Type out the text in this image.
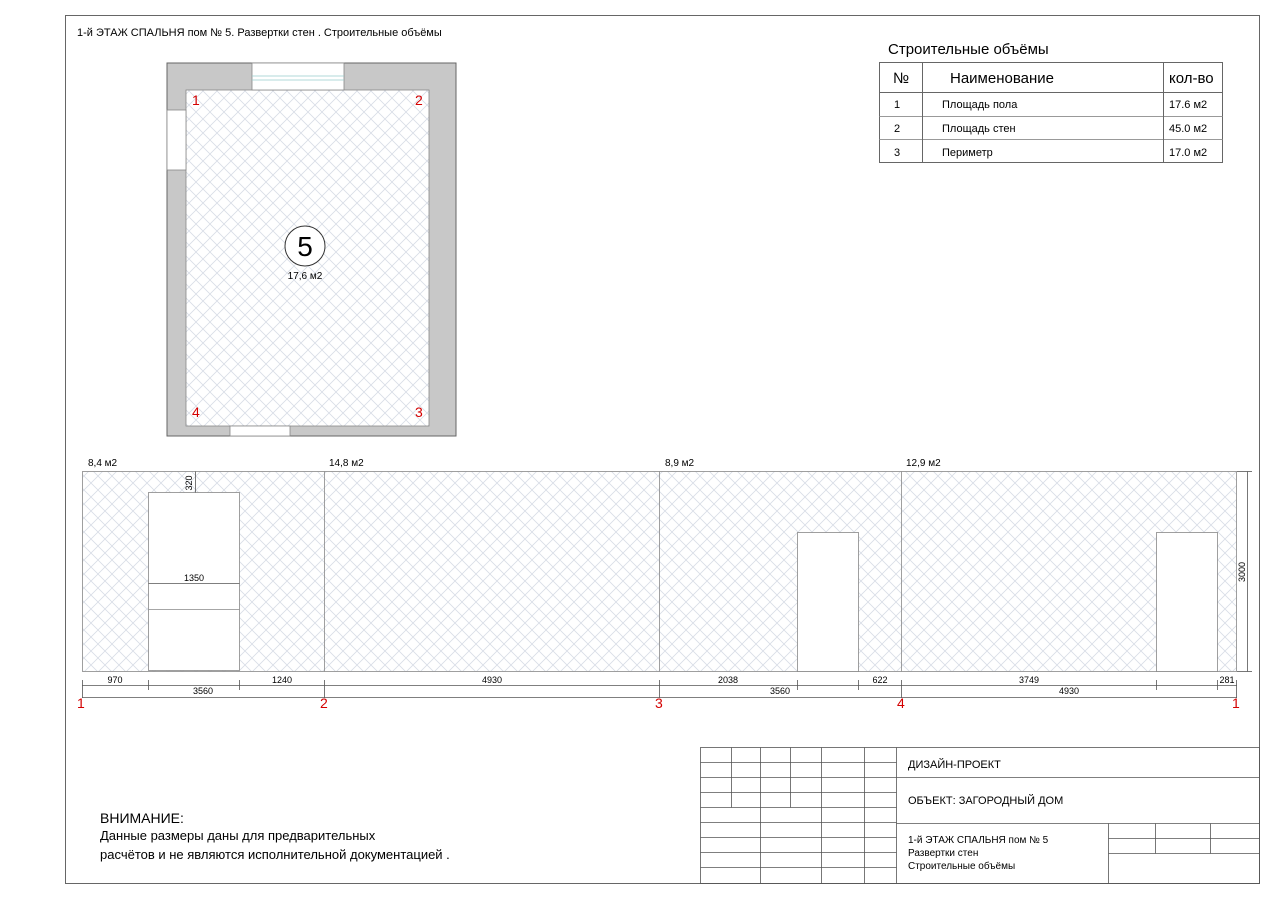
1-й ЭТАЖ СПАЛЬНЯ пом № 5. Развертки стен . Строительные объёмы
1	2
3
4
5
17,6 м2
Строительные объёмы
№	Наименование	кол-во
1	Площадь пола	17.6 м2
2	Площадь стен	45.0 м2
3	Периметр	17.0 м2
8,4 м2	14,8 м2	8,9 м2	12,9 м2
320
1350	3000
970	1240	4930	2038	622	3749	281
3560	3560	4930
1	2	3	4	1
ВНИМАНИЕ:
Данные размеры даны для предварительных
расчётов и не являются исполнительной документацией .
ДИЗАЙН-ПРОЕКТ
ОБЪЕКТ: ЗАГОРОДНЫЙ ДОМ
1-й ЭТАЖ СПАЛЬНЯ пом № 5
Развертки стен
Строительные объёмы
